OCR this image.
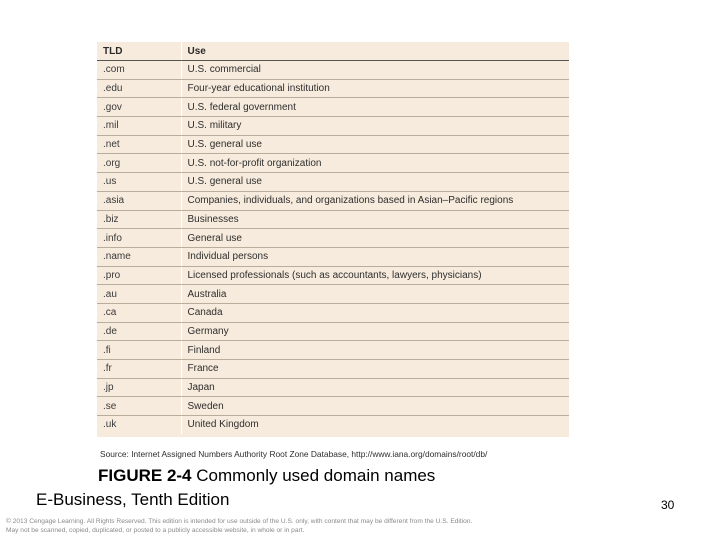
TLD	Use
.com	U.S. commercial
.edu	Four-year educational institution
.gov	U.S. federal government
.mil	U.S. military
.net	U.S. general use
.org	U.S. not-for-profit organization
.us	U.S. general use
.asia	Companies, individuals, and organizations based in Asian–Pacific regions
.biz	Businesses
.info	General use
.name	Individual persons
.pro	Licensed professionals (such as accountants, lawyers, physicians)
.au	Australia
.ca	Canada
.de	Germany
.fi	Finland
.fr	France
.jp	Japan
.se	Sweden
.uk	United Kingdom
Source: Internet Assigned Numbers Authority Root Zone Database, http://www.iana.org/domains/root/db/
FIGURE 2-4 Commonly used domain names
E-Business, Tenth Edition	30
© 2013 Cengage Learning. All Rights Reserved. This edition is intended for use outside of the U.S. only, with content that may be different from the U.S. Edition.
May not be scanned, copied, duplicated, or posted to a publicly accessible website, in whole or in part.
